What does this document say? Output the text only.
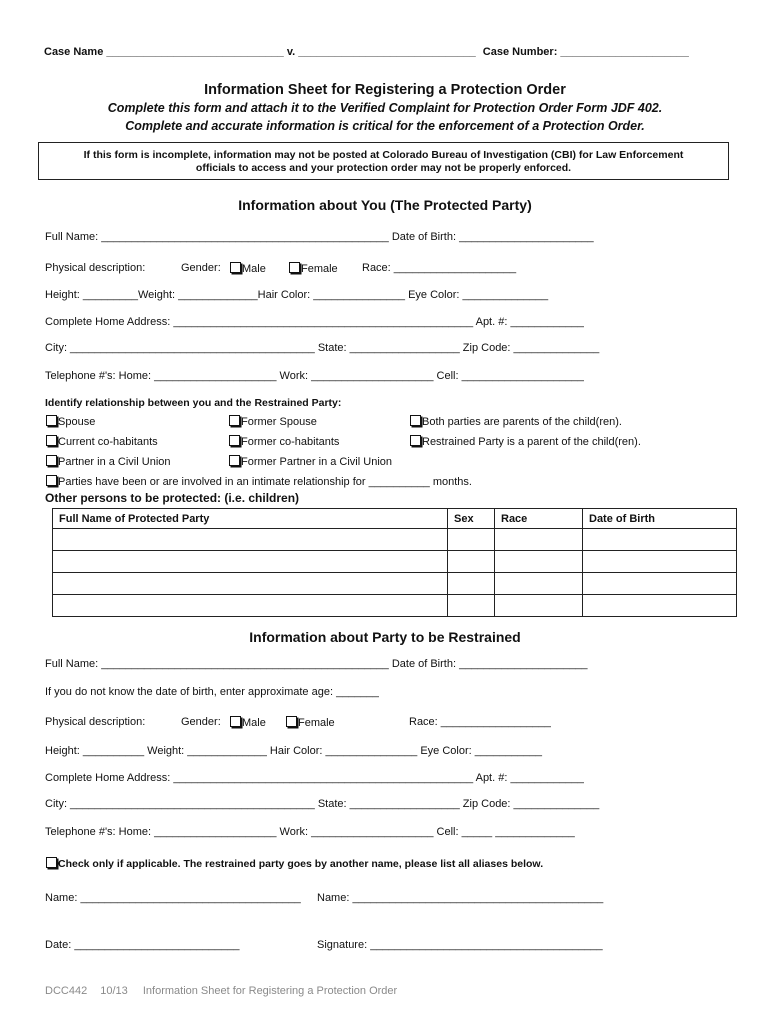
Case Name _____________________________ v. _____________________________ Case Number: _____________________
Information Sheet for Registering a Protection Order
Complete this form and attach it to the Verified Complaint for Protection Order Form JDF 402.
Complete and accurate information is critical for the enforcement of a Protection Order.
If this form is incomplete, information may not be posted at Colorado Bureau of Investigation (CBI) for Law Enforcement
officials to access and your protection order may not be properly enforced.
Information about You (The Protected Party)
Full Name: _______________________________________________ Date of Birth: ______________________
Physical description:	Gender:	Male	Female Race: ____________________
Height: _________Weight: _____________Hair Color: _______________ Eye Color: ______________
Complete Home Address: _________________________________________________ Apt. #: ____________
City: ________________________________________ State: __________________ Zip Code: ______________
Telephone #'s: Home: ____________________ Work: ____________________ Cell: ____________________
Identify relationship between you and the Restrained Party:
Spouse	Former Spouse	Both parties are parents of the child(ren).
Current co-habitants	Former co-habitants	Restrained Party is a parent of the child(ren).
Partner in a Civil Union	Former Partner in a Civil Union
Parties have been or are involved in an intimate relationship for __________ months.
Other persons to be protected: (i.e. children)
Full Name of Protected Party	Sex	Race	Date of Birth

Information about Party to be Restrained
Full Name: _______________________________________________ Date of Birth: _____________________
If you do not know the date of birth, enter approximate age: _______
Physical description:	Gender:	Male	Female	Race: __________________
Height: __________ Weight: _____________ Hair Color: _______________ Eye Color: ___________
Complete Home Address: _________________________________________________ Apt. #: ____________
City: ________________________________________ State: __________________ Zip Code: ______________
Telephone #'s: Home: ____________________ Work: ____________________ Cell: _____ _____________
Check only if applicable. The restrained party goes by another name, please list all aliases below.
Name: ____________________________________ Name: _________________________________________
Date: ___________________________	Signature: ______________________________________
DCC442 10/13 Information Sheet for Registering a Protection Order
